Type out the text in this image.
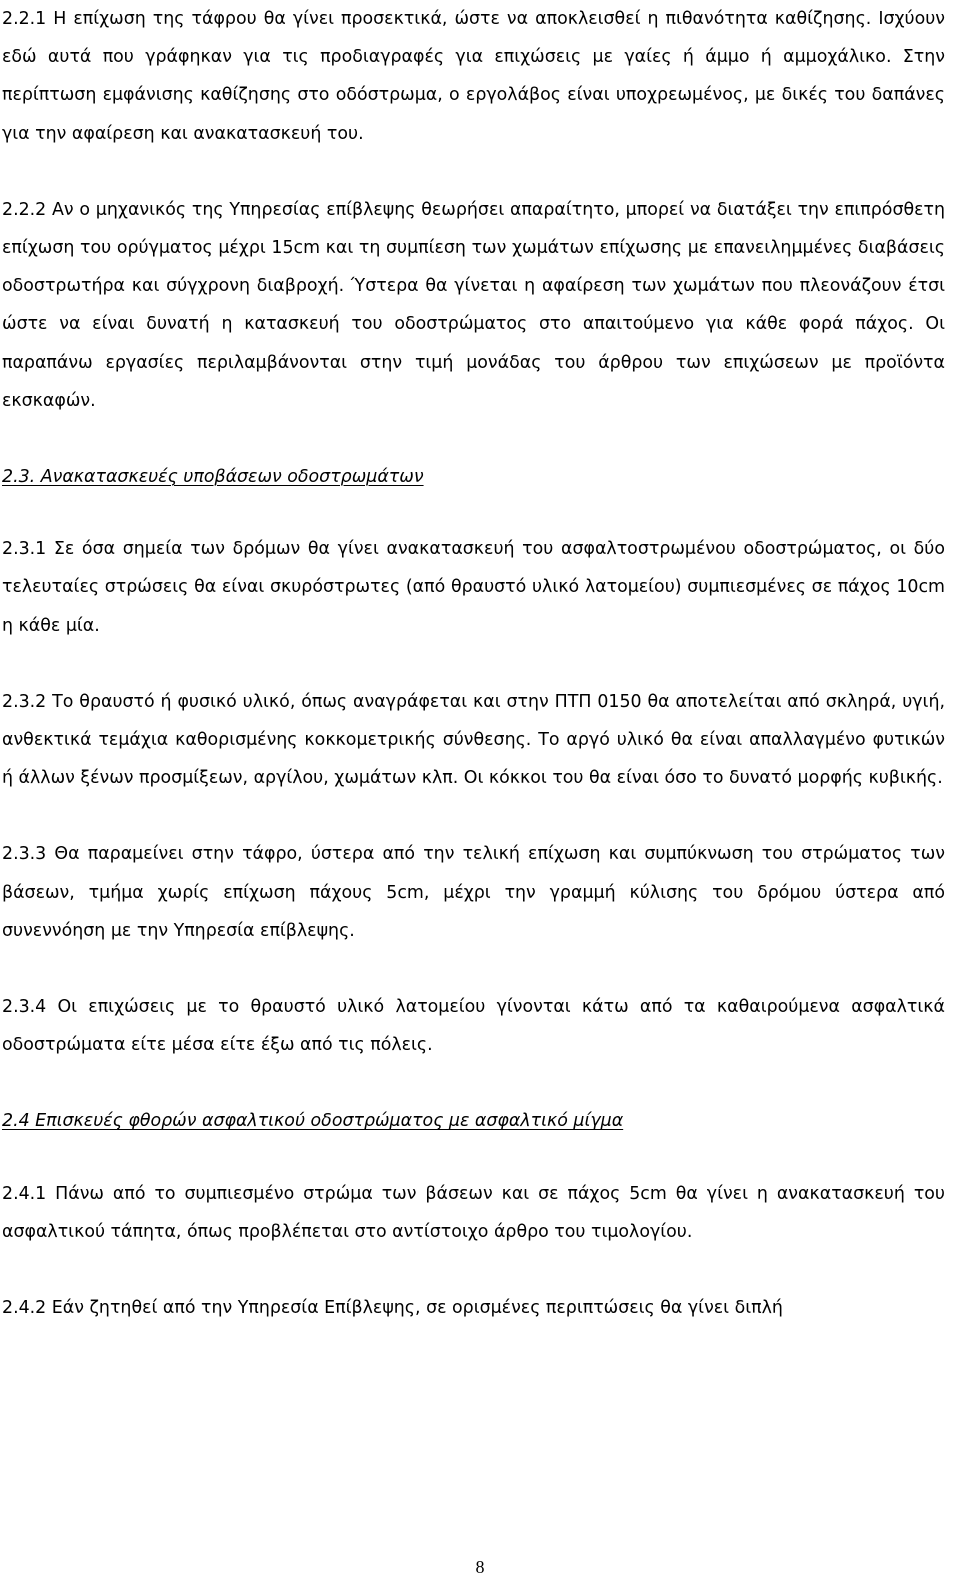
2.2.1 Η επίχωση της τάφρου θα γίνει προσεκτικά, ώστε να αποκλεισθεί η πιθανότητα καθίζησης. Ισχύουν εδώ αυτά που γράφηκαν για τις προδιαγραφές για επιχώσεις με γαίες ή άμμο ή αμμοχάλικο. Στην περίπτωση εμφάνισης καθίζησης στο οδόστρωμα, ο εργολάβος είναι υποχρεωμένος, με δικές του δαπάνες για την αφαίρεση και ανακατασκευή του.

2.2.2 Αν ο μηχανικός της Υπηρεσίας επίβλεψης θεωρήσει απαραίτητο, μπορεί να διατάξει την επιπρόσθετη επίχωση του ορύγματος μέχρι 15cm και τη συμπίεση των χωμάτων επίχωσης με επανειλημμένες διαβάσεις οδοστρωτήρα και σύγχρονη διαβροχή. Ύστερα θα γίνεται η αφαίρεση των χωμάτων που πλεονάζουν έτσι ώστε να είναι δυνατή η κατασκευή του οδοστρώματος στο απαιτούμενο για κάθε φορά πάχος. Οι παραπάνω εργασίες περιλαμβάνονται στην τιμή μονάδας του άρθρου των επιχώσεων με προϊόντα εκσκαφών.

2.3. Ανακατασκευές υποβάσεων οδοστρωμάτων

2.3.1 Σε όσα σημεία των δρόμων θα γίνει ανακατασκευή του ασφαλτοστρωμένου οδοστρώματος, οι δύο τελευταίες στρώσεις θα είναι σκυρόστρωτες (από θραυστό υλικό λατομείου) συμπιεσμένες σε πάχος 10cm η κάθε μία.

2.3.2 Το θραυστό ή φυσικό υλικό, όπως αναγράφεται και στην ΠΤΠ 0150 θα αποτελείται από σκληρά, υγιή, ανθεκτικά τεμάχια καθορισμένης κοκκομετρικής σύνθεσης. Το αργό υλικό θα είναι απαλλαγμένο φυτικών ή άλλων ξένων προσμίξεων, αργίλου, χωμάτων κλπ. Οι κόκκοι του θα είναι όσο το δυνατό μορφής κυβικής.

2.3.3 Θα παραμείνει στην τάφρο, ύστερα από την τελική επίχωση και συμπύκνωση του στρώματος των βάσεων, τμήμα χωρίς επίχωση πάχους 5cm, μέχρι την γραμμή κύλισης του δρόμου ύστερα από συνεννόηση με την Υπηρεσία επίβλεψης.

2.3.4 Οι επιχώσεις με το θραυστό υλικό λατομείου γίνονται κάτω από τα καθαιρούμενα ασφαλτικά οδοστρώματα είτε μέσα είτε έξω από τις πόλεις.

2.4 Επισκευές φθορών ασφαλτικού οδοστρώματος με ασφαλτικό μίγμα

2.4.1 Πάνω από το συμπιεσμένο στρώμα των βάσεων και σε πάχος 5cm θα γίνει η ανακατασκευή του ασφαλτικού τάπητα, όπως προβλέπεται στο αντίστοιχο άρθρο του τιμολογίου.

2.4.2 Εάν ζητηθεί από την Υπηρεσία Επίβλεψης, σε ορισμένες περιπτώσεις θα γίνει διπλή

8
